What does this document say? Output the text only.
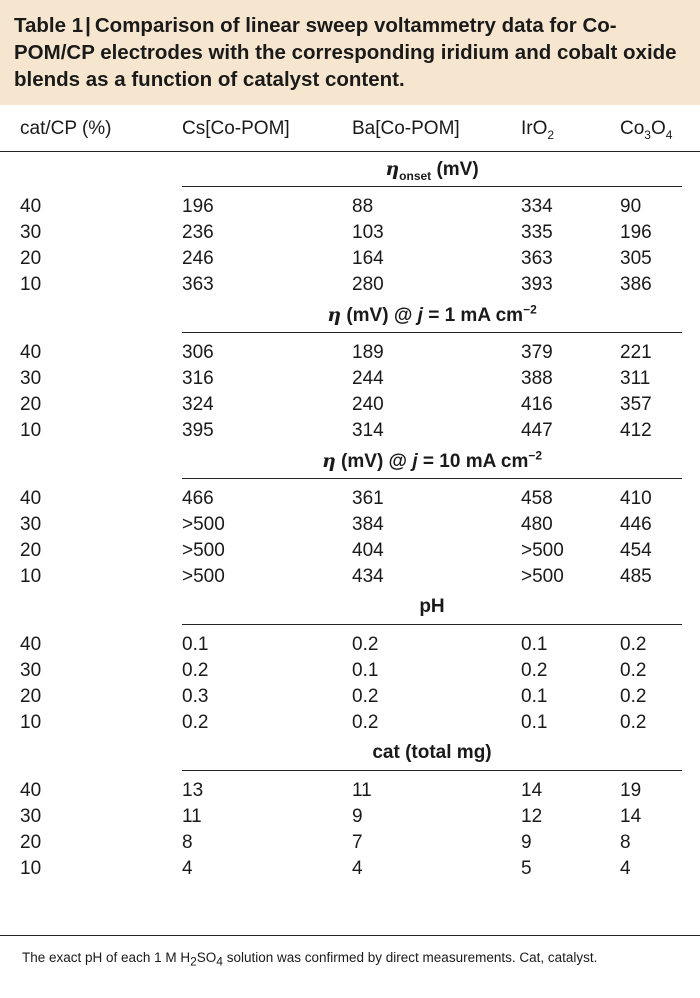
Table 1| Comparison of linear sweep voltammetry data for Co-POM/CP electrodes with the corresponding iridium and cobalt oxide blends as a function of catalyst content.

cat/CP (%)	Cs[Co-POM]	Ba[Co-POM]	IrO$_2$	$Co_3O_4$
$\eta_{onset}$ (mV)
40	196	88	334	90
30	236	103	335	196
20	246	164	363	305
10	363	280	393	386
η (mV) @ j = 1 mA $cm^{-2}$
40	306	189	379	221
30	316	244	388	311
20	324	240	416	357
10	395	314	447	412
η (mV) @ j = 10 mA $cm^{-2}$
40	466	361	458	410
30	>500	384	480	446
20	>500	404	>500	454
10	>500	434	>500	485
pH
40	0.1	0.2	0.1	0.2
30	0.2	0.1	0.2	0.2
20	0.3	0.2	0.1	0.2
10	0.2	0.2	0.1	0.2
cat (total mg)
40	13	11	14	19
30	11	9	12	14
20	8	7	9	8
10	4	4	5	4
The exact pH of each 1 M $H_2SO_4$ solution was confirmed by direct measurements. Cat, catalyst.
